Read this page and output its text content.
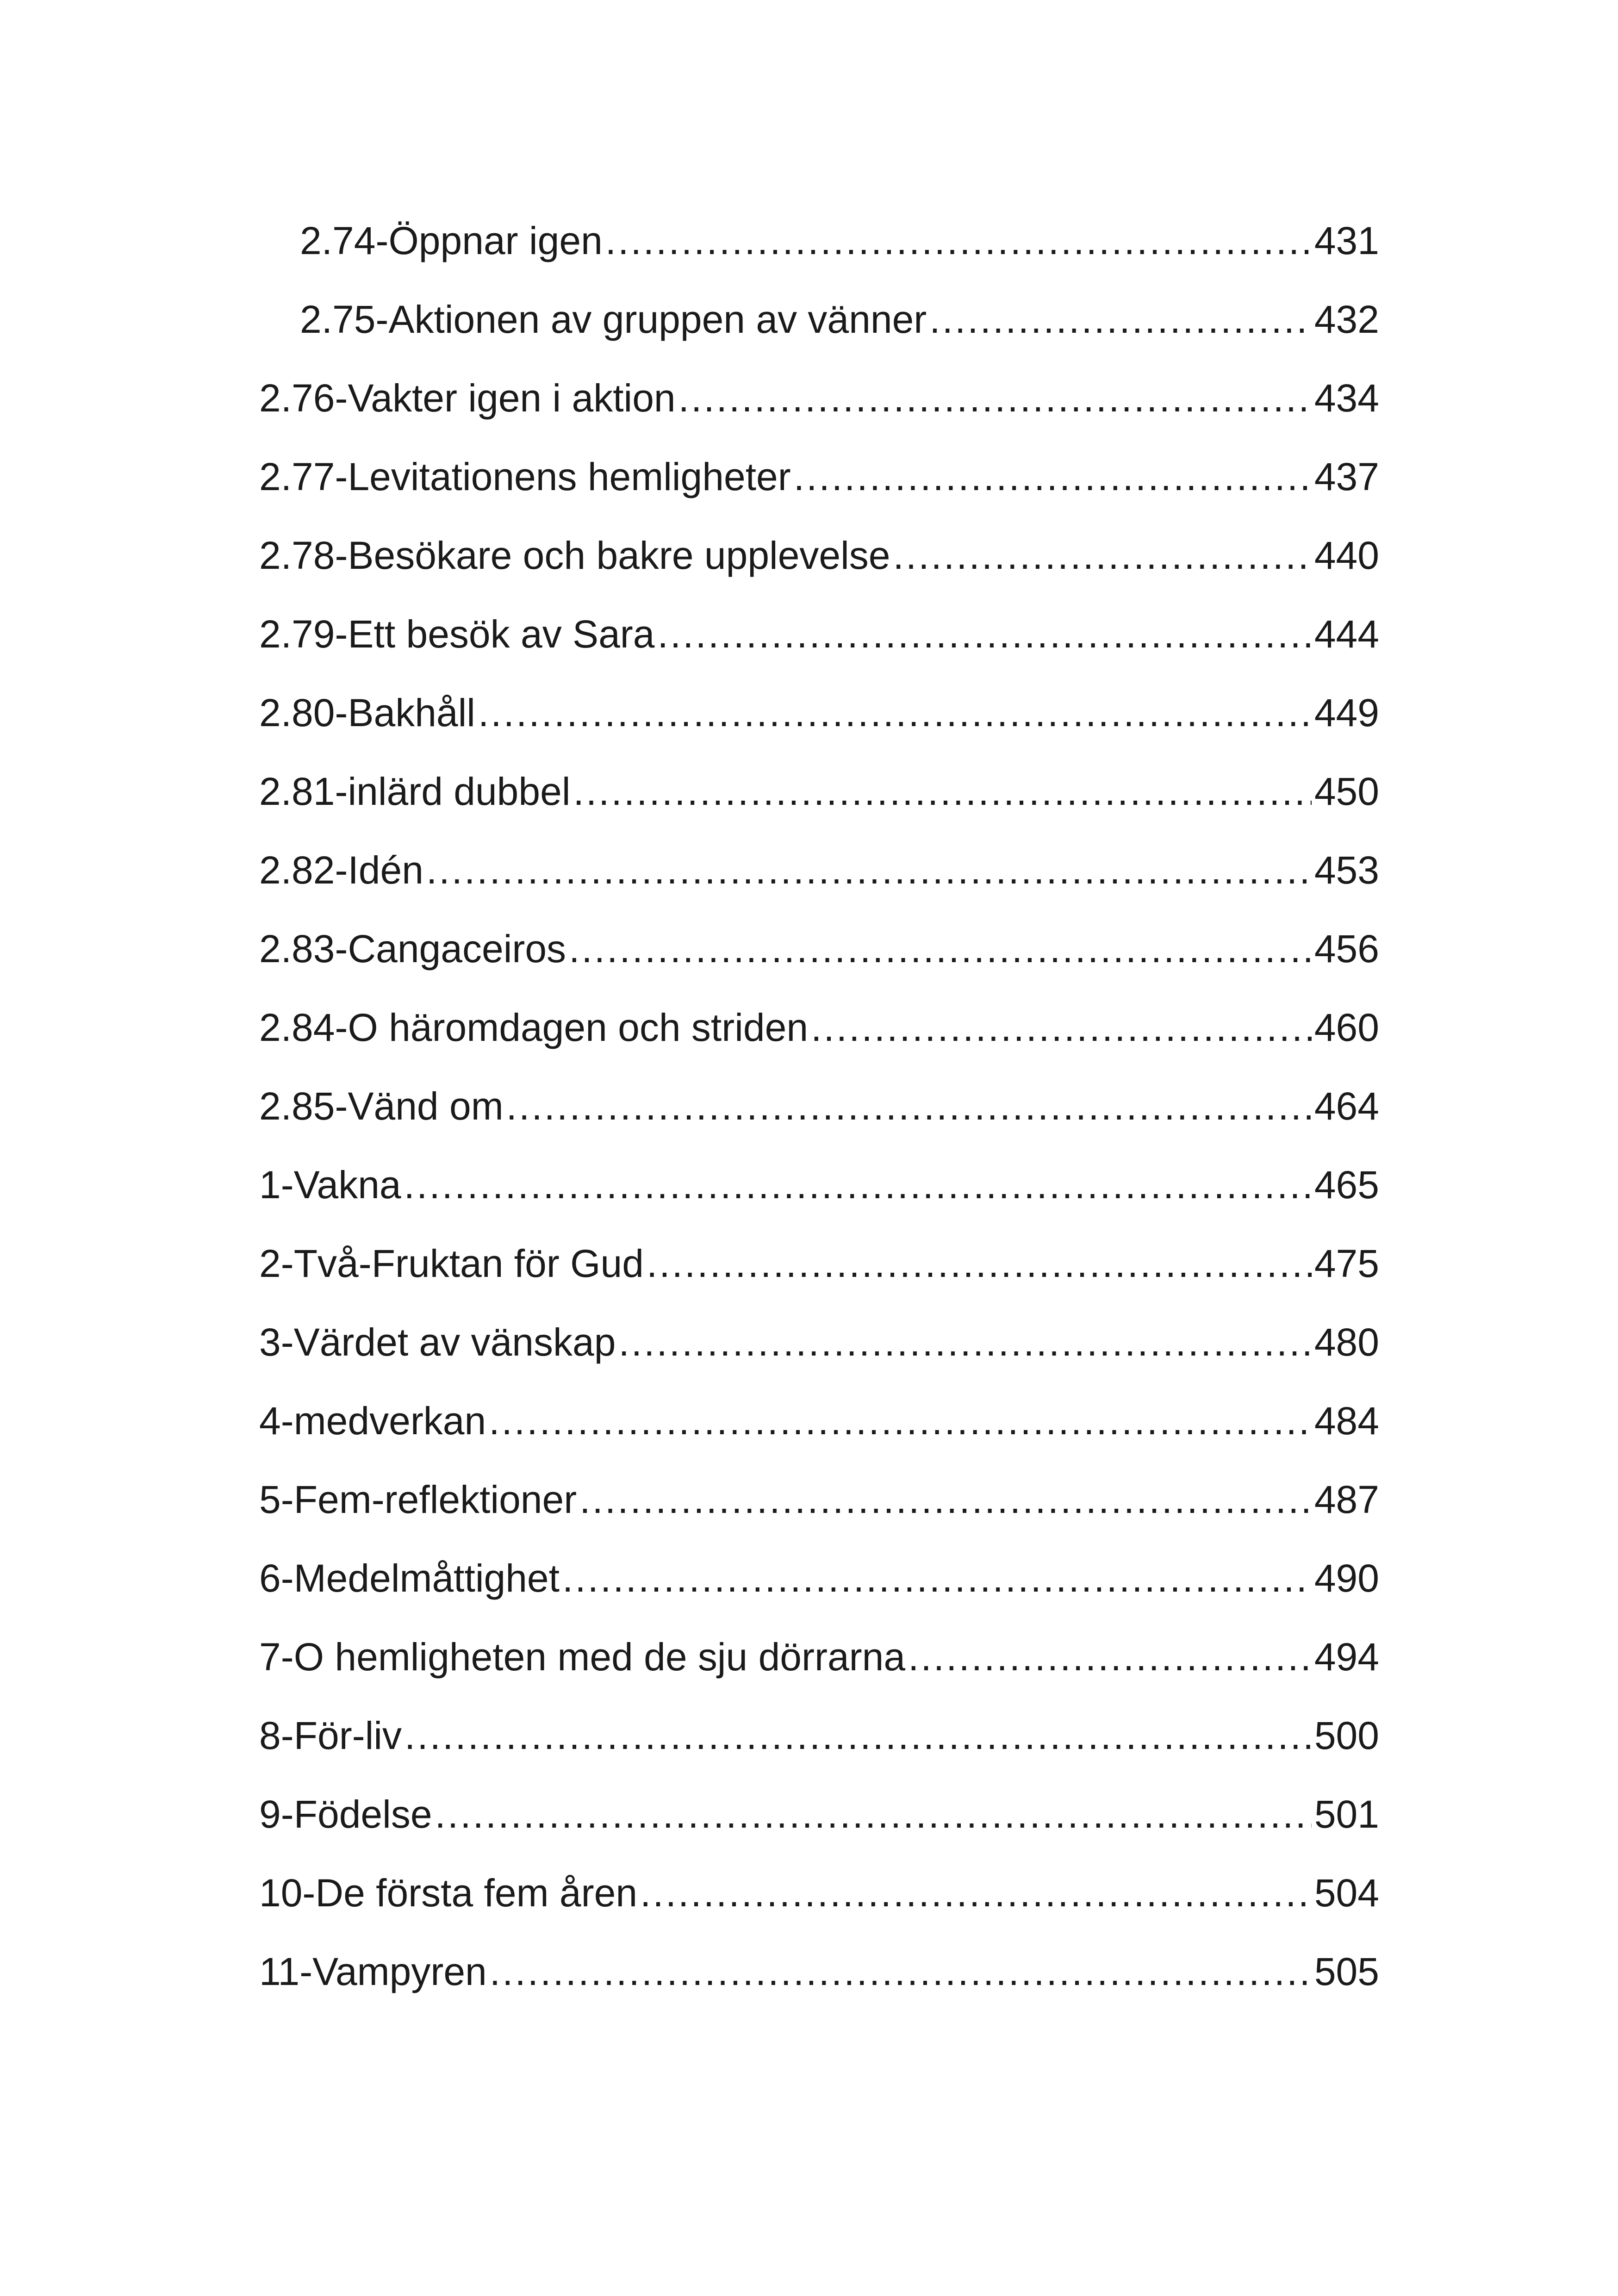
2.74-Öppnar igen .....	431
2.75-Aktionen av gruppen av vänner .....	432
2.76-Vakter igen i aktion .....	434
2.77-Levitationens hemligheter .....	437
2.78-Besökare och bakre upplevelse .....	440
2.79-Ett besök av Sara .....	444
2.80-Bakhåll .....	449
2.81-inlärd dubbel .....	450
2.82-Idén .....	453
2.83-Cangaceiros .....	456
2.84-O häromdagen och striden .....	460
2.85-Vänd om .....	464
1-Vakna .....	465
2-Två-Fruktan för Gud .....	475
3-Värdet av vänskap .....	480
4-medverkan .....	484
5-Fem-reflektioner .....	487
6-Medelmåttighet .....	490
7-O hemligheten med de sju dörrarna .....	494
8-För-liv .....	500
9-Födelse .....	501
10-De första fem åren .....	504
11-Vampyren .....	505
